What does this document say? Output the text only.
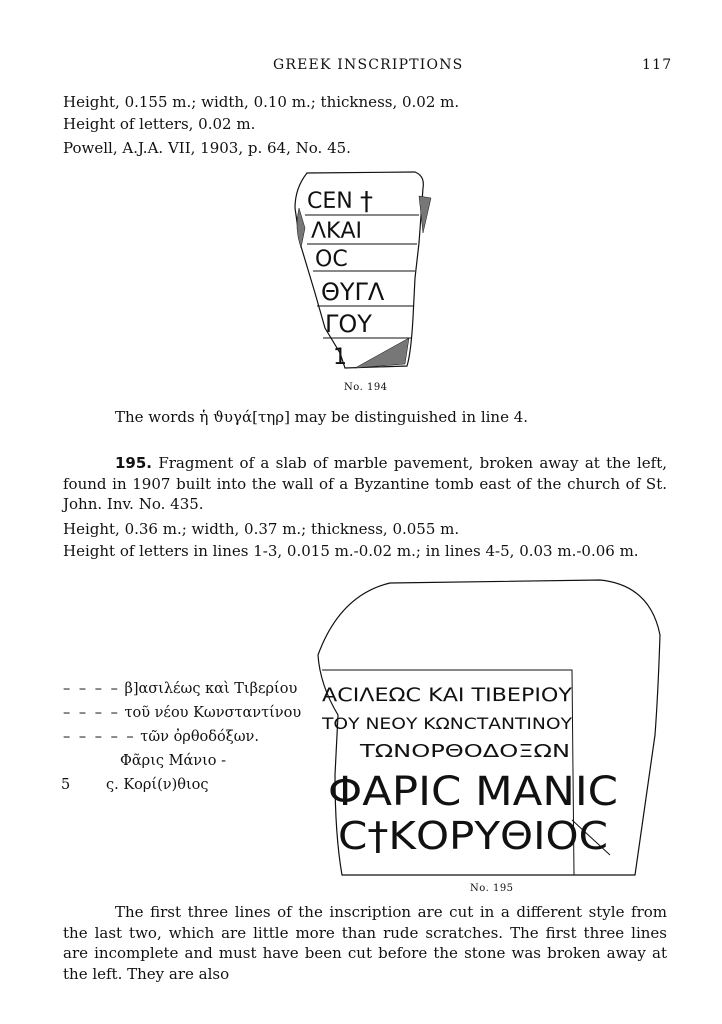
GREEK INSCRIPTIONS	117
Height, 0.155 m.; width, 0.10 m.; thickness, 0.02 m.
Height of letters, 0.02 m.
Powell, A.J.A. VII, 1903, p. 64, No. 45.
CΕΝ †
ΛΚΑΙ
ΟС
ΘΥΓΛ
ΓΟΥ
1
No. 194
The words ἡ ϑυγά[τηρ] may be distinguished in line 4.
195. Fragment of a slab of marble pavement, broken away at the left, found in 1907 built into the wall of a Byzantine tomb east of the church of St. John. Inv. No. 435.
Height, 0.36 m.; width, 0.37 m.; thickness, 0.055 m.
Height of letters in lines 1-3, 0.015 m.-0.02 m.; in lines 4-5, 0.03 m.-0.06 m.
– – – – β]ασιλέως καὶ Τιβερίου
– – – – τοῦ νέου Κωνσταντίνου
– – – – – τῶν ὀρθοδόξων.
Φᾶρις Μάνιο -
5 ς. Κορί(ν)θιος
ΑϹΙΛΕΩϹ ΚΑΙ ΤΙΒΕΡΙΟΥ
ΤΟΥ ΝΕΟΥ ΚΩΝϹΤΑΝΤΙΝΟΥ
ΤΩΝΟΡΘΟΔΟΞΩΝ
ΦΑΡΙϹ ΜΑΝΙϹ
Ϲ†ΚΟΡΥΘΙΟϹ
No. 195
The first three lines of the inscription are cut in a different style from the last two, which are little more than rude scratches. The first three lines are incomplete and must have been cut before the stone was broken away at the left. They are also
